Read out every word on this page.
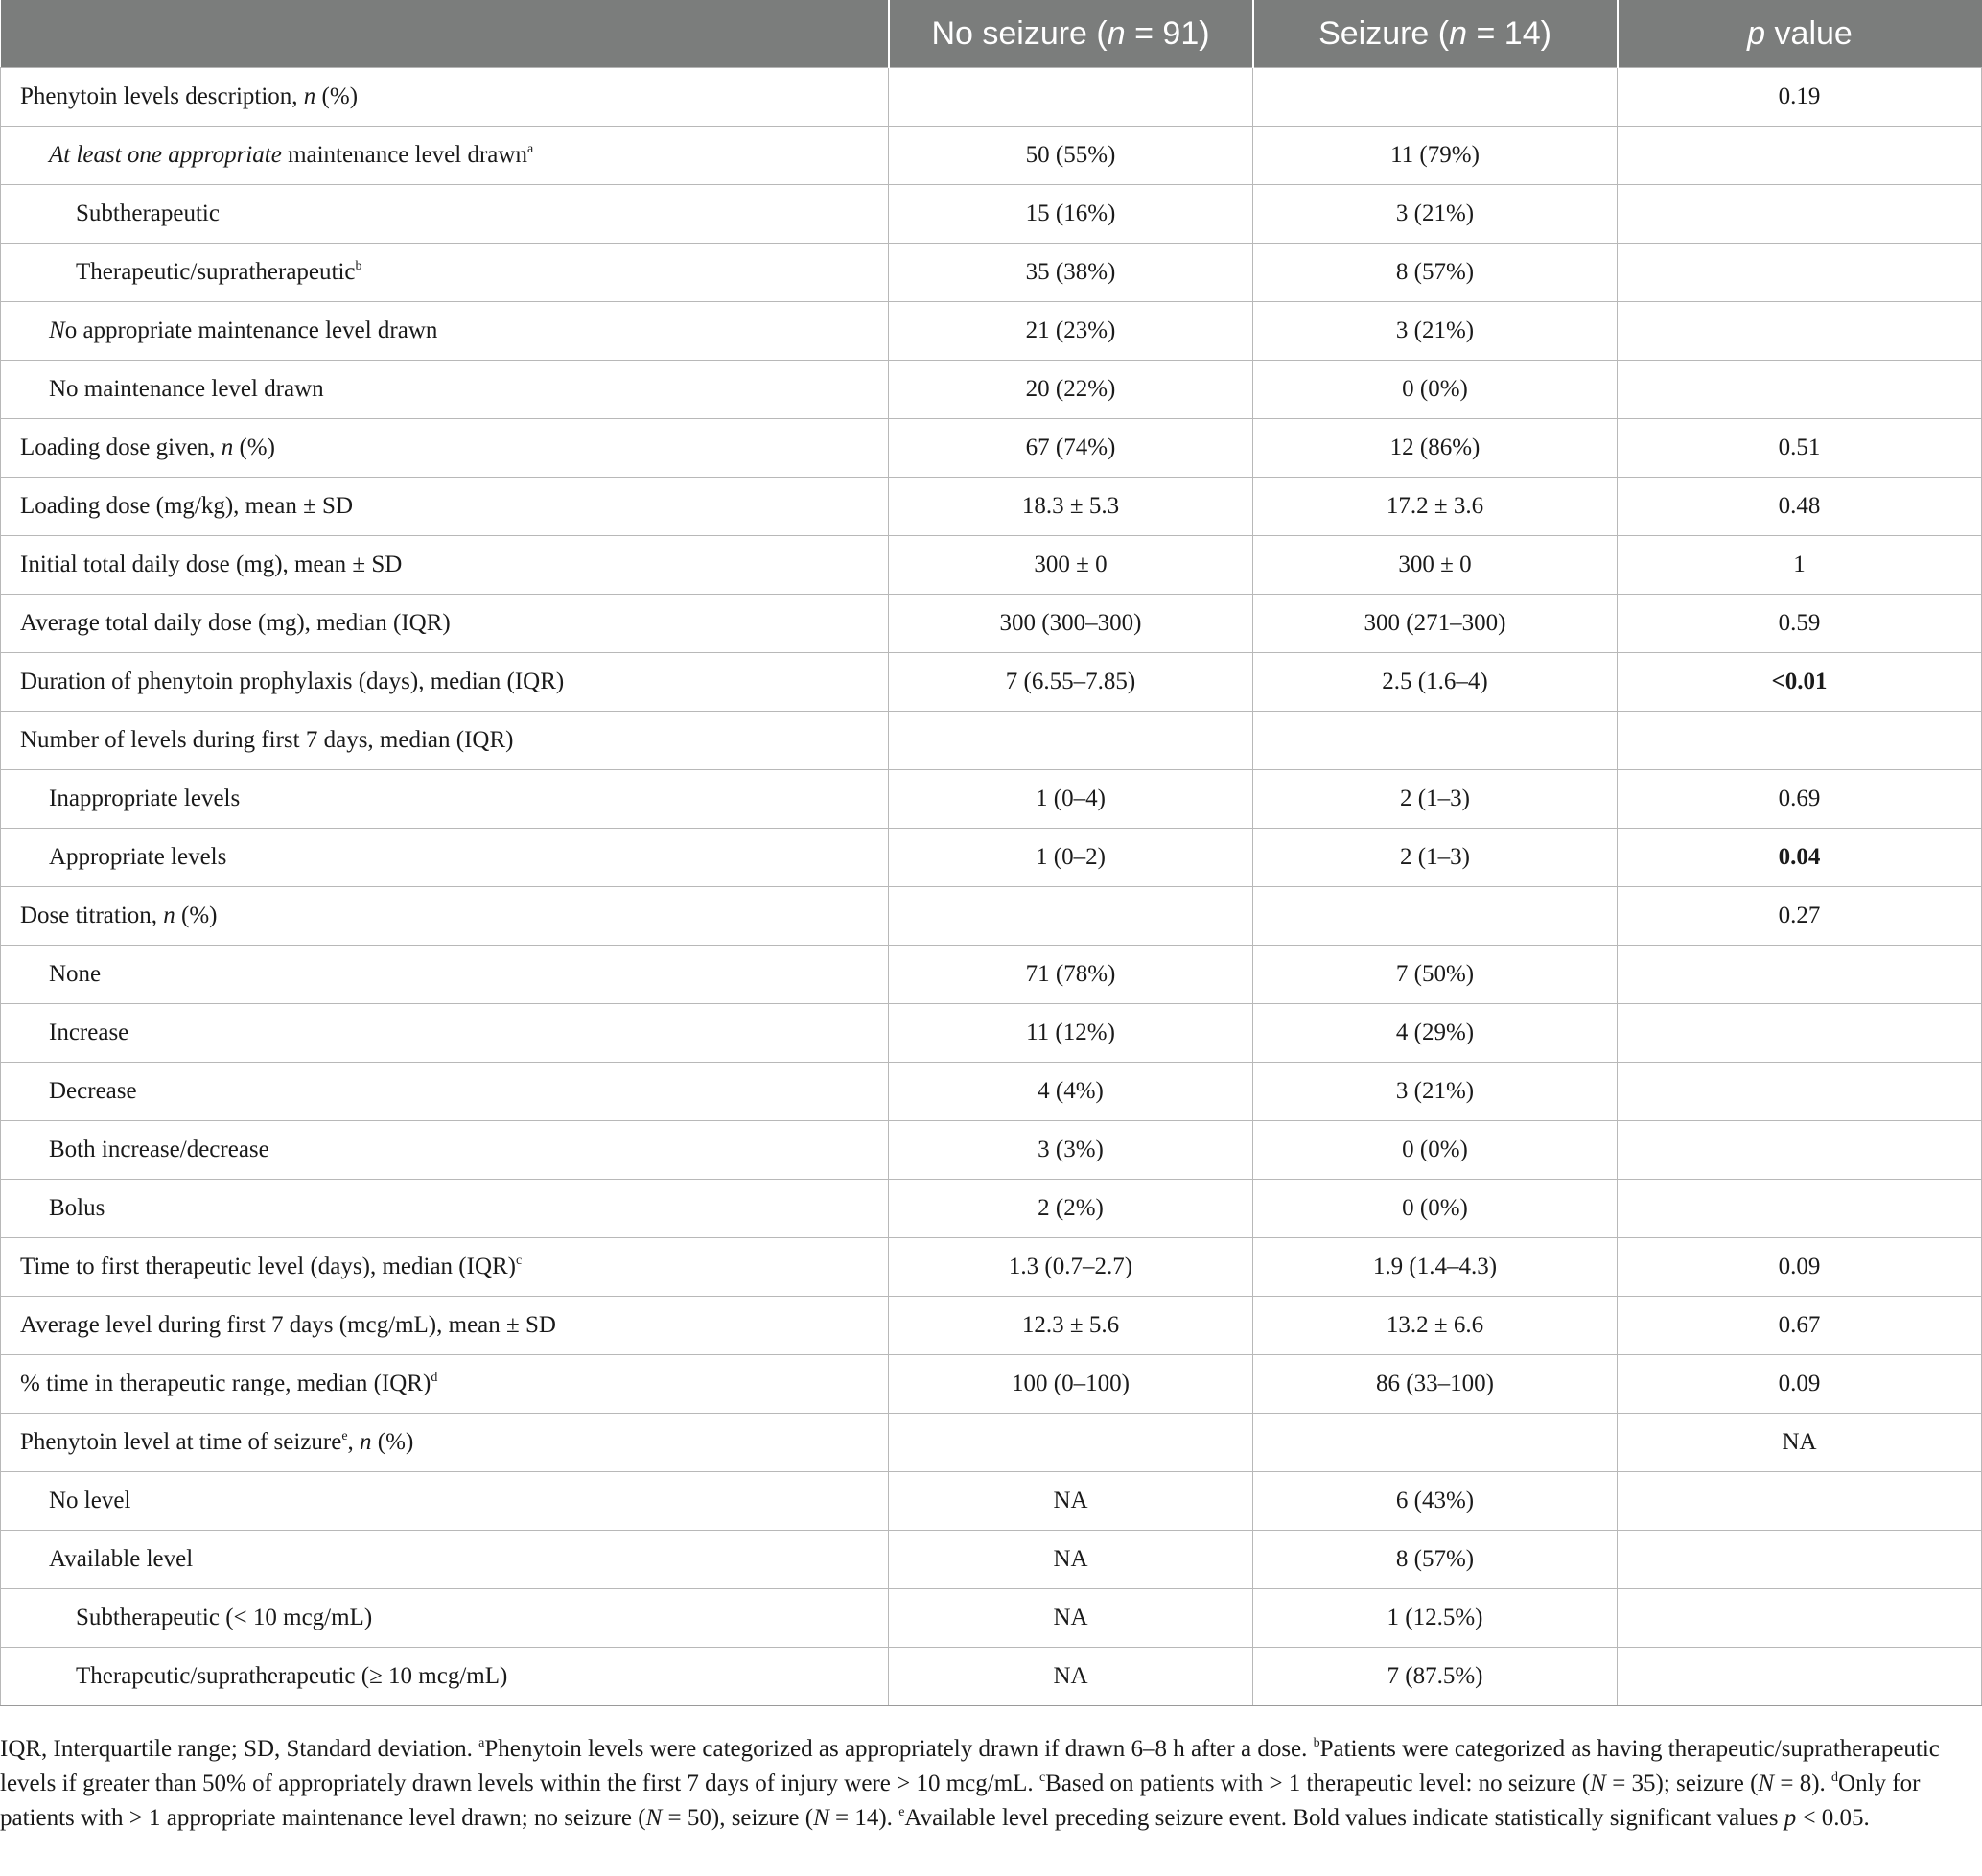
	No seizure (n = 91)	Seizure (n = 14)	p value
Phenytoin levels description, n (%)			0.19
At least one appropriate maintenance level drawn$^a$	50 (55%)	11 (79%)	
Subtherapeutic	15 (16%)	3 (21%)	
Therapeutic/supratherapeutic$^b$	35 (38%)	8 (57%)	
No appropriate maintenance level drawn	21 (23%)	3 (21%)	
No maintenance level drawn	20 (22%)	0 (0%)	
Loading dose given, n (%)	67 (74%)	12 (86%)	0.51
Loading dose (mg/kg), mean ± SD	18.3 ± 5.3	17.2 ± 3.6	0.48
Initial total daily dose (mg), mean ± SD	300 ± 0	300 ± 0	1
Average total daily dose (mg), median (IQR)	300 (300–300)	300 (271–300)	0.59
Duration of phenytoin prophylaxis (days), median (IQR)	7 (6.55–7.85)	2.5 (1.6–4)	<0.01
Number of levels during first 7 days, median (IQR)			
Inappropriate levels	1 (0–4)	2 (1–3)	0.69
Appropriate levels	1 (0–2)	2 (1–3)	0.04
Dose titration, n (%)			0.27
None	71 (78%)	7 (50%)	
Increase	11 (12%)	4 (29%)	
Decrease	4 (4%)	3 (21%)	
Both increase/decrease	3 (3%)	0 (0%)	
Bolus	2 (2%)	0 (0%)	
Time to first therapeutic level (days), median (IQR)$^c$	1.3 (0.7–2.7)	1.9 (1.4–4.3)	0.09
Average level during first 7 days (mcg/mL), mean ± SD	12.3 ± 5.6	13.2 ± 6.6	0.67
% time in therapeutic range, median (IQR)$^d$	100 (0–100)	86 (33–100)	0.09
Phenytoin level at time of seizure$^e$, n (%)			NA
No level	NA	6 (43%)	
Available level	NA	8 (57%)	
Subtherapeutic (< 10 mcg/mL)	NA	1 (12.5%)	
Therapeutic/supratherapeutic (≥ 10 mcg/mL)	NA	7 (87.5%)	

IQR, Interquartile range; SD, Standard deviation. $^a$Phenytoin levels were categorized as appropriately drawn if drawn 6–8 h after a dose. $^b$Patients were categorized as having therapeutic/supratherapeutic levels if greater than 50% of appropriately drawn levels within the first 7 days of injury were > 10 mcg/mL. $^c$Based on patients with > 1 therapeutic level: no seizure (N = 35); seizure (N = 8). $^d$Only for patients with > 1 appropriate maintenance level drawn; no seizure (N = 50), seizure (N = 14). $^e$Available level preceding seizure event. Bold values indicate statistically significant values p < 0.05.
